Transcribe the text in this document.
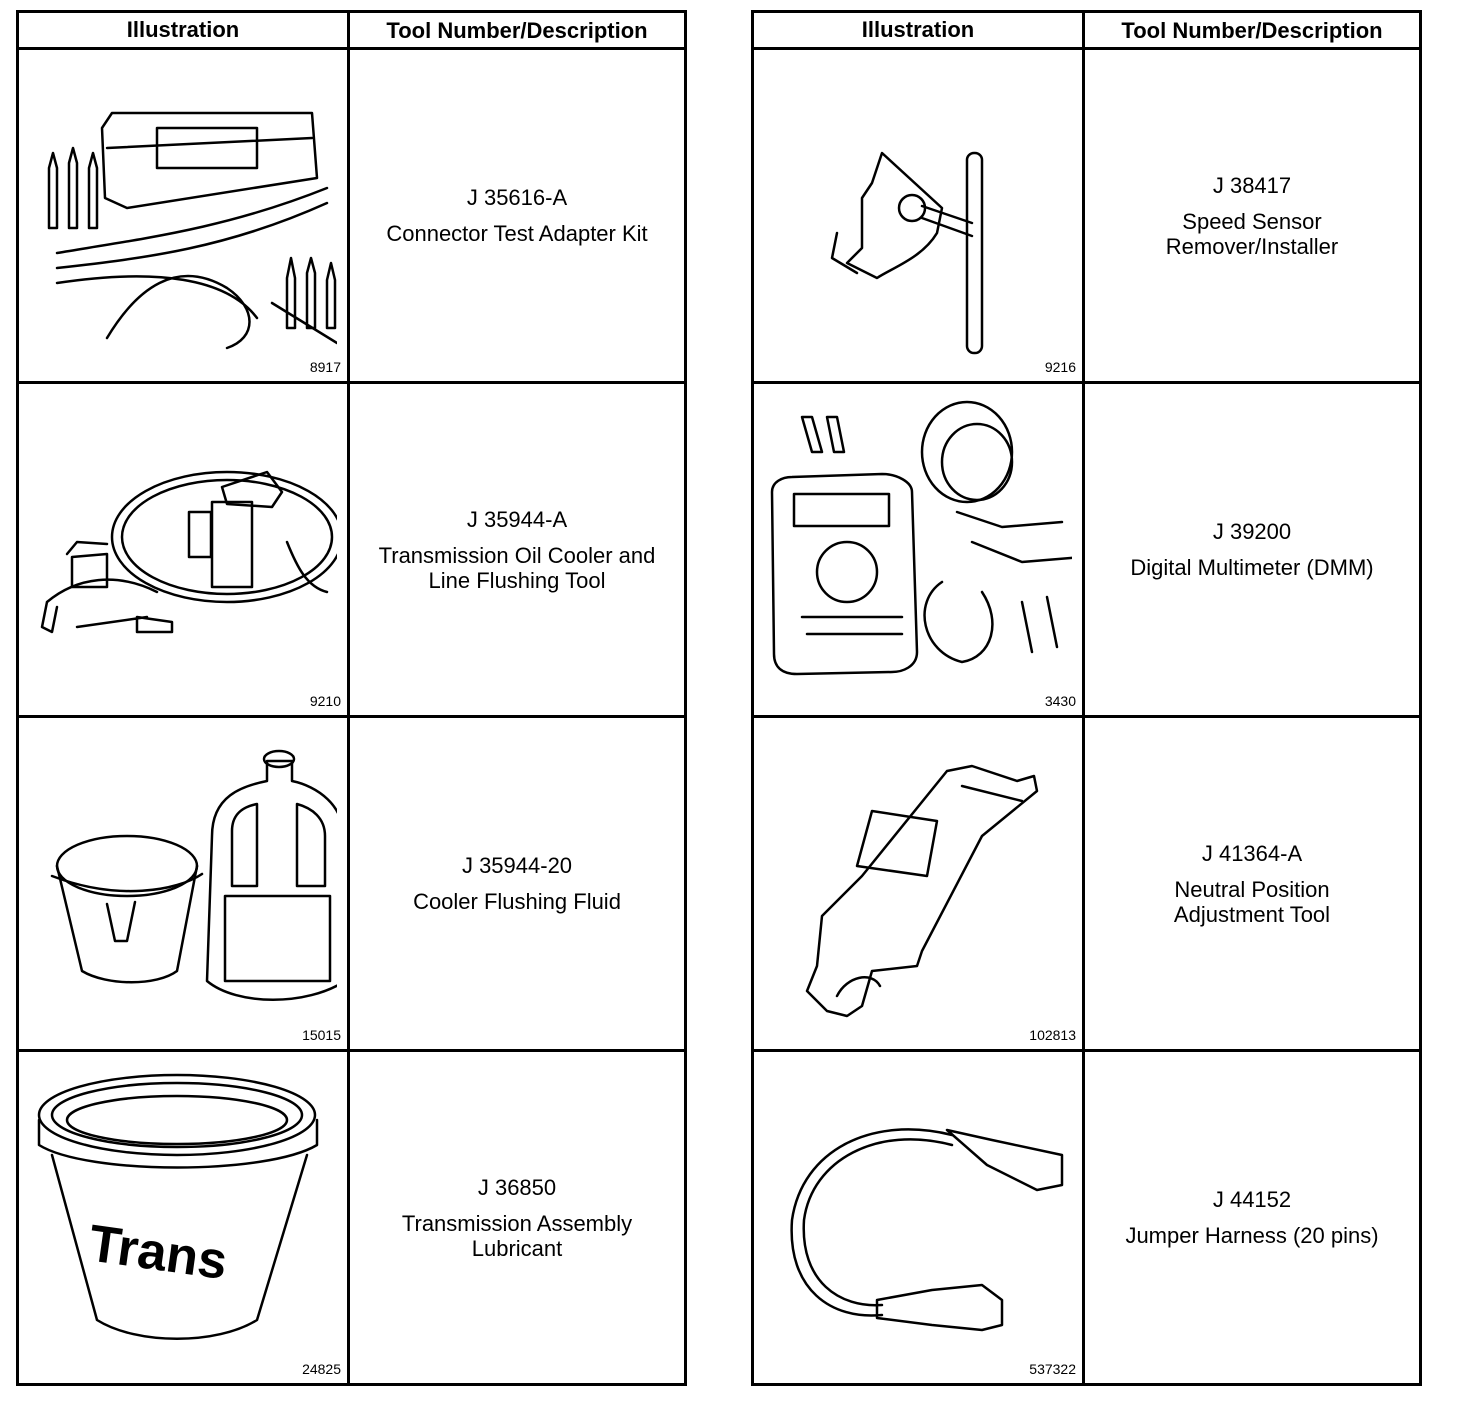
Illustration	Tool Number/Description

8917	J 35616-A
Connector Test Adapter Kit

9210	J 35944-A
Transmission Oil Cooler and
Line Flushing Tool

15015	J 35944-20
Cooler Flushing Fluid

Trans
24825	J 36850
Transmission Assembly
Lubricant
Illustration	Tool Number/Description

9216	J 38417
Speed Sensor
Remover/Installer

3430	J 39200
Digital Multimeter (DMM)

102813	J 41364-A
Neutral Position
Adjustment Tool

537322	J 44152
Jumper Harness (20 pins)
